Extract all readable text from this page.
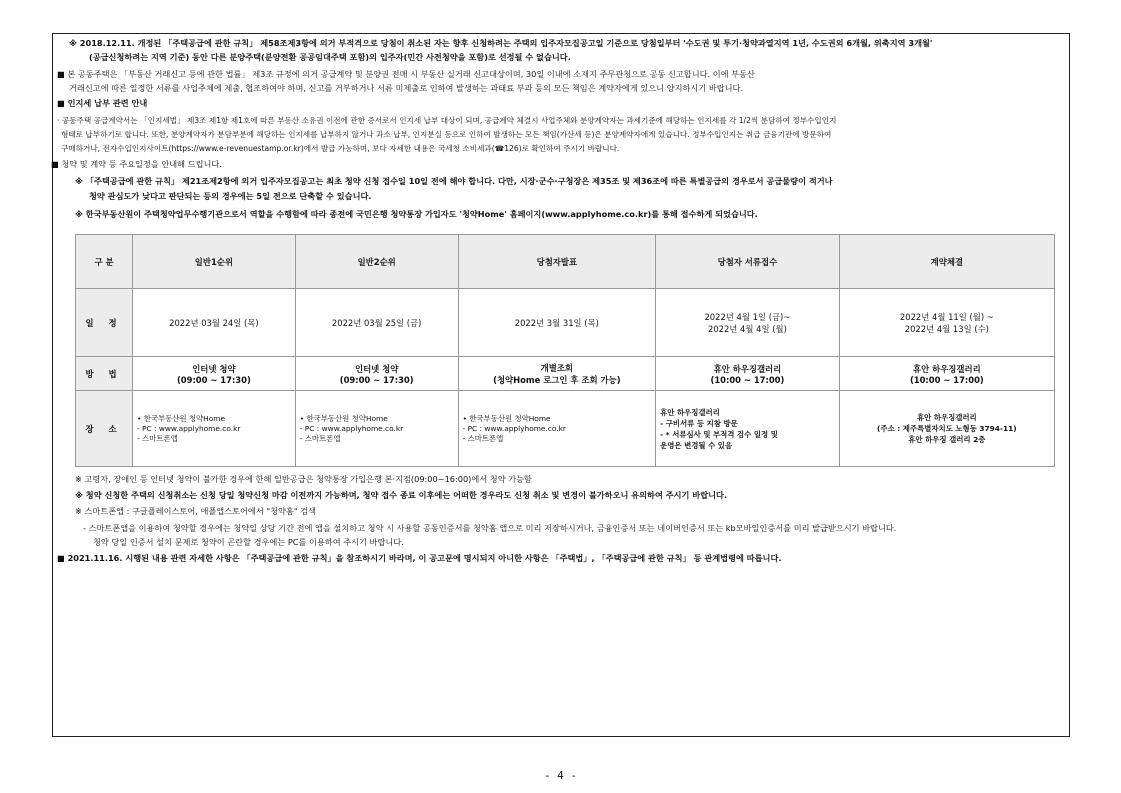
※ 2018.12.11. 개정된 「주택공급에 관한 규칙」 제58조제3항에 의거 부적격으로 당첨이 취소된 자는 향후 신청하려는 주택의 입주자모집공고일 기준으로 당첨일부터 '수도권 및 투기·청약과열지역 1년, 수도권외 6개월, 위축지역 3개월'
(공급신청하려는 지역 기준) 동안 다른 분양주택(분양전환 공공임대주택 포함)의 입주자(민간 사전청약을 포함)로 선정될 수 없습니다.
■ 본 공동주택은 「부동산 거래신고 등에 관한 법률」 제3조 규정에 의거 공급계약 및 분양권 전매 시 부동산 실거래 신고대상이며, 30일 이내에 소재지 주무관청으로 공동 신고합니다. 이에 부동산
거래신고에 따른 일정한 서류를 사업주체에 제출, 협조하여야 하며, 신고를 거부하거나 서류 미제출로 인하여 발생하는 과태료 부과 등의 모든 책임은 계약자에게 있으니 양지하시기 바랍니다.
■ 인지세 납부 관련 안내
· 공동주택 공급계약서는 「인지세법」 제3조 제1항 제1호에 따른 부동산 소유권 이전에 관한 증서로서 인지세 납부 대상이 되며, 공급계약 체결시 사업주체와 분양계약자는 과세기준에 해당하는 인지세를 각 1/2씩 분담하여 정부수입인지
형태로 납부하기로 합니다. 또한, 분양계약자가 분담부분에 해당하는 인지세를 납부하지 않거나 과소 납부, 인지분실 등으로 인하여 발생하는 모든 책임(가산세 등)은 분양계약자에게 있습니다. 정부수입인지는 취급 금융기관에 방문하여
구매하거나, 전자수입인지사이트(https://www.e-revenuestamp.or.kr)에서 발급 가능하며, 보다 자세한 내용은 국세청 소비세과(☎126)로 확인하여 주시기 바랍니다.
■ 청약 및 계약 등 주요일정을 안내해 드립니다.
※ 「주택공급에 관한 규칙」 제21조제2항에 의거 입주자모집공고는 최초 청약 신청 접수일 10일 전에 해야 합니다. 다만, 시장·군수·구청장은 제35조 및 제36조에 따른 특별공급의 경우로서 공급물량이 적거나
청약 관심도가 낮다고 판단되는 등의 경우에는 5일 전으로 단축할 수 있습니다.
※ 한국부동산원이 주택청약업무수행기관으로서 역할을 수행함에 따라 종전에 국민은행 청약통장 가입자도 '청약Home' 홈페이지(www.applyhome.co.kr)를 통해 접수하게 되었습니다.
구 분	일반1순위	일반2순위	당첨자발표	당첨자 서류접수	계약체결
일 정	2022년 03월 24일 (목)	2022년 03월 25일 (금)	2022년 3월 31일 (목)	2022년 4월 1일 (금)~
2022년 4월 4일 (월)	2022년 4월 11일 (월) ~
2022년 4월 13일 (수)
방 법	인터넷 청약
(09:00 ~ 17:30)	인터넷 청약
(09:00 ~ 17:30)	개별조회
(청약Home 로그인 후 조회 가능)	휴안 하우징갤러리
(10:00 ~ 17:00)	휴안 하우징갤러리
(10:00 ~ 17:00)
장 소	• 한국부동산원 청약Home
- PC : www.applyhome.co.kr
- 스마트폰앱	• 한국부동산원 청약Home
- PC : www.applyhome.co.kr
- 스마트폰앱	• 한국부동산원 청약Home
- PC : www.applyhome.co.kr
- 스마트폰앱	휴안 하우징갤러리
- 구비서류 등 지참 방문
- * 서류심사 및 부적격 검수 일정 및
운영은 변경될 수 있음	휴안 하우징갤러리
(주소 : 제주특별자치도 노형동 3794-11)
휴안 하우징 갤러리 2층
※ 고령자, 장애인 등 인터넷 청약이 불가한 경우에 한해 일반공급은 청약통장 가입은행 본·지점(09:00~16:00)에서 청약 가능함
※ 청약 신청한 주택의 신청취소는 신청 당일 청약신청 마감 이전까지 가능하며, 청약 접수 종료 이후에는 어떠한 경우라도 신청 취소 및 변경이 불가하오니 유의하여 주시기 바랍니다.
※ 스마트폰앱 : 구글플레이스토어, 애플앱스토어에서 "청약홈" 검색
- 스마트폰앱을 이용하여 청약할 경우에는 청약일 상당 기간 전에 앱을 설치하고 청약 시 사용할 공동인증서를 청약홈 앱으로 미리 저장하시거나, 금융인증서 또는 네이버인증서 또는 kb모바일인증서를 미리 발급받으시기 바랍니다.
청약 당일 인증서 설치 문제로 청약이 곤란할 경우에는 PC를 이용하여 주시기 바랍니다.
■ 2021.11.16. 시행된 내용 관련 자세한 사항은 「주택공급에 관한 규칙」을 참조하시기 바라며, 이 공고문에 명시되지 아니한 사항은 「주택법」, 「주택공급에 관한 규칙」 등 관계법령에 따릅니다.
- 4 -
